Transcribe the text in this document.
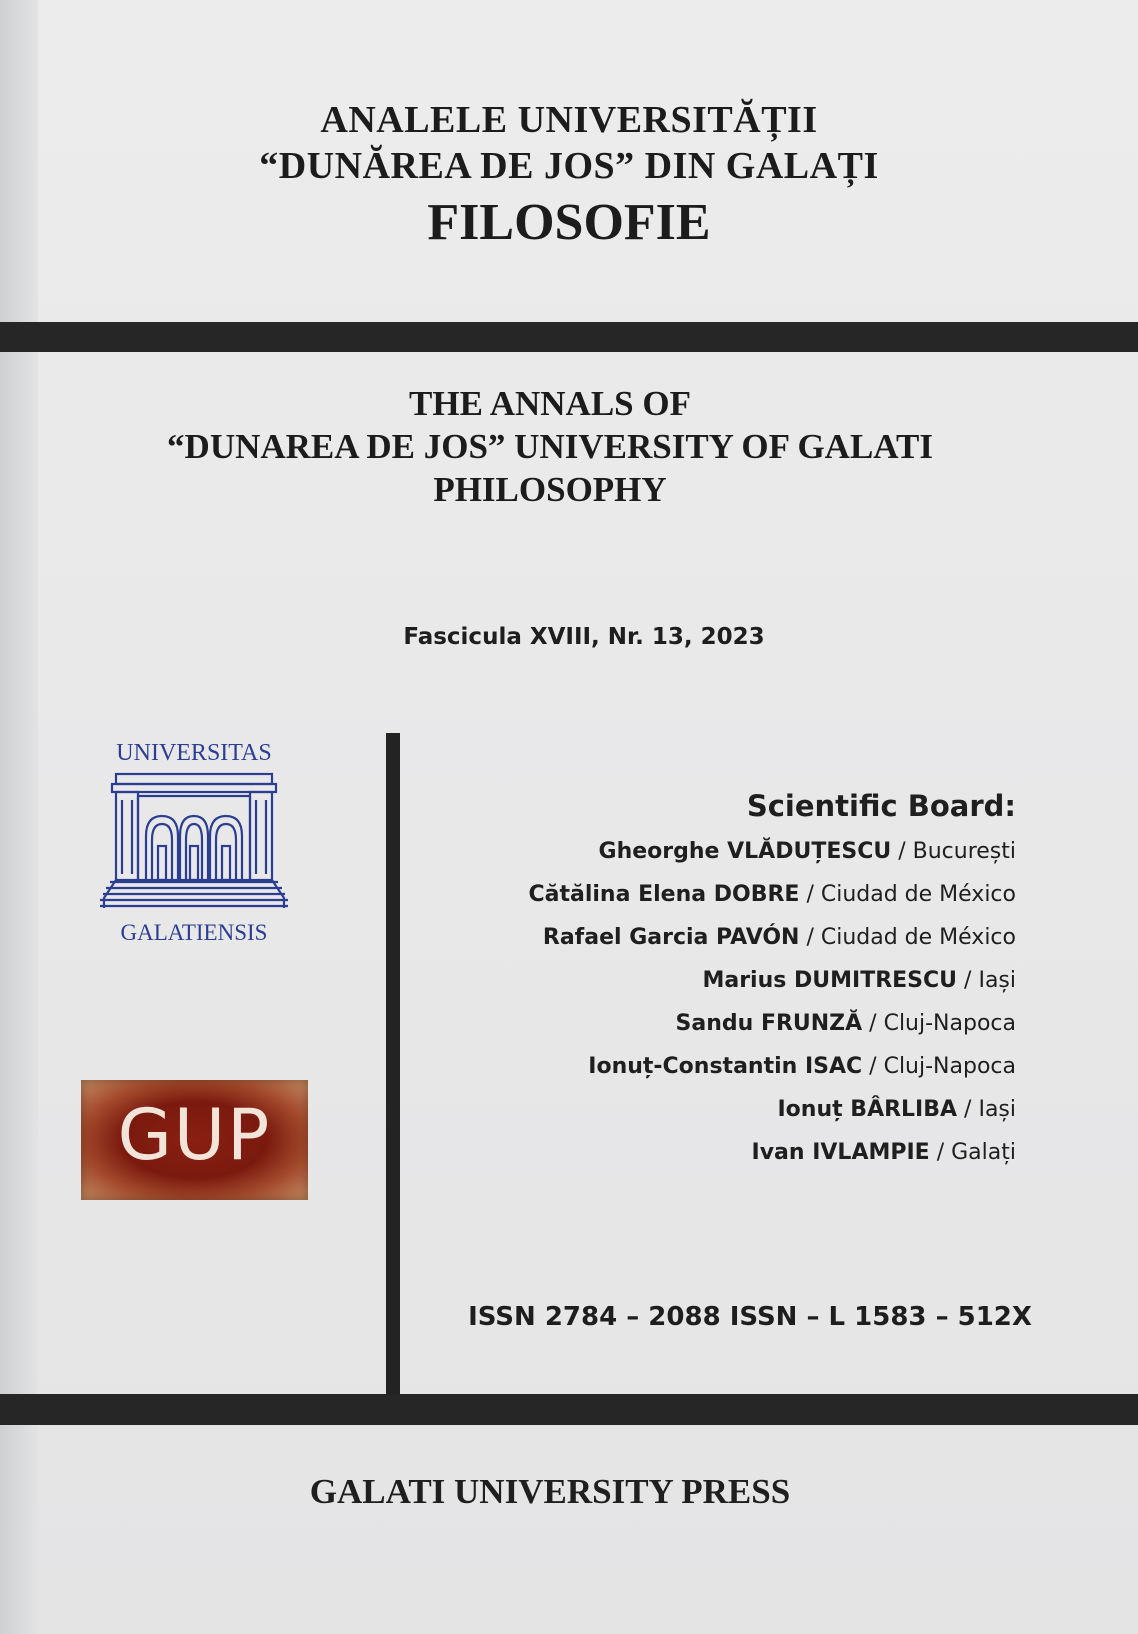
ANALELE UNIVERSITĂȚII
“DUNĂREA DE JOS” DIN GALAȚI
FILOSOFIE
THE ANNALS OF
“DUNAREA DE JOS” UNIVERSITY OF GALATI
PHILOSOPHY
Fascicula XVIII, Nr. 13, 2023
UNIVERSITAS
GALATIENSIS
GUP
Scientific Board:
Gheorghe VLĂDUȚESCU / București
Cătălina Elena DOBRE / Ciudad de México
Rafael Garcia PAVÓN / Ciudad de México
Marius DUMITRESCU / Iași
Sandu FRUNZĂ / Cluj-Napoca
Ionuț-Constantin ISAC / Cluj-Napoca
Ionuț BÂRLIBA / Iași
Ivan IVLAMPIE / Galați
ISSN 2784 – 2088 ISSN – L 1583 – 512X
GALATI UNIVERSITY PRESS
